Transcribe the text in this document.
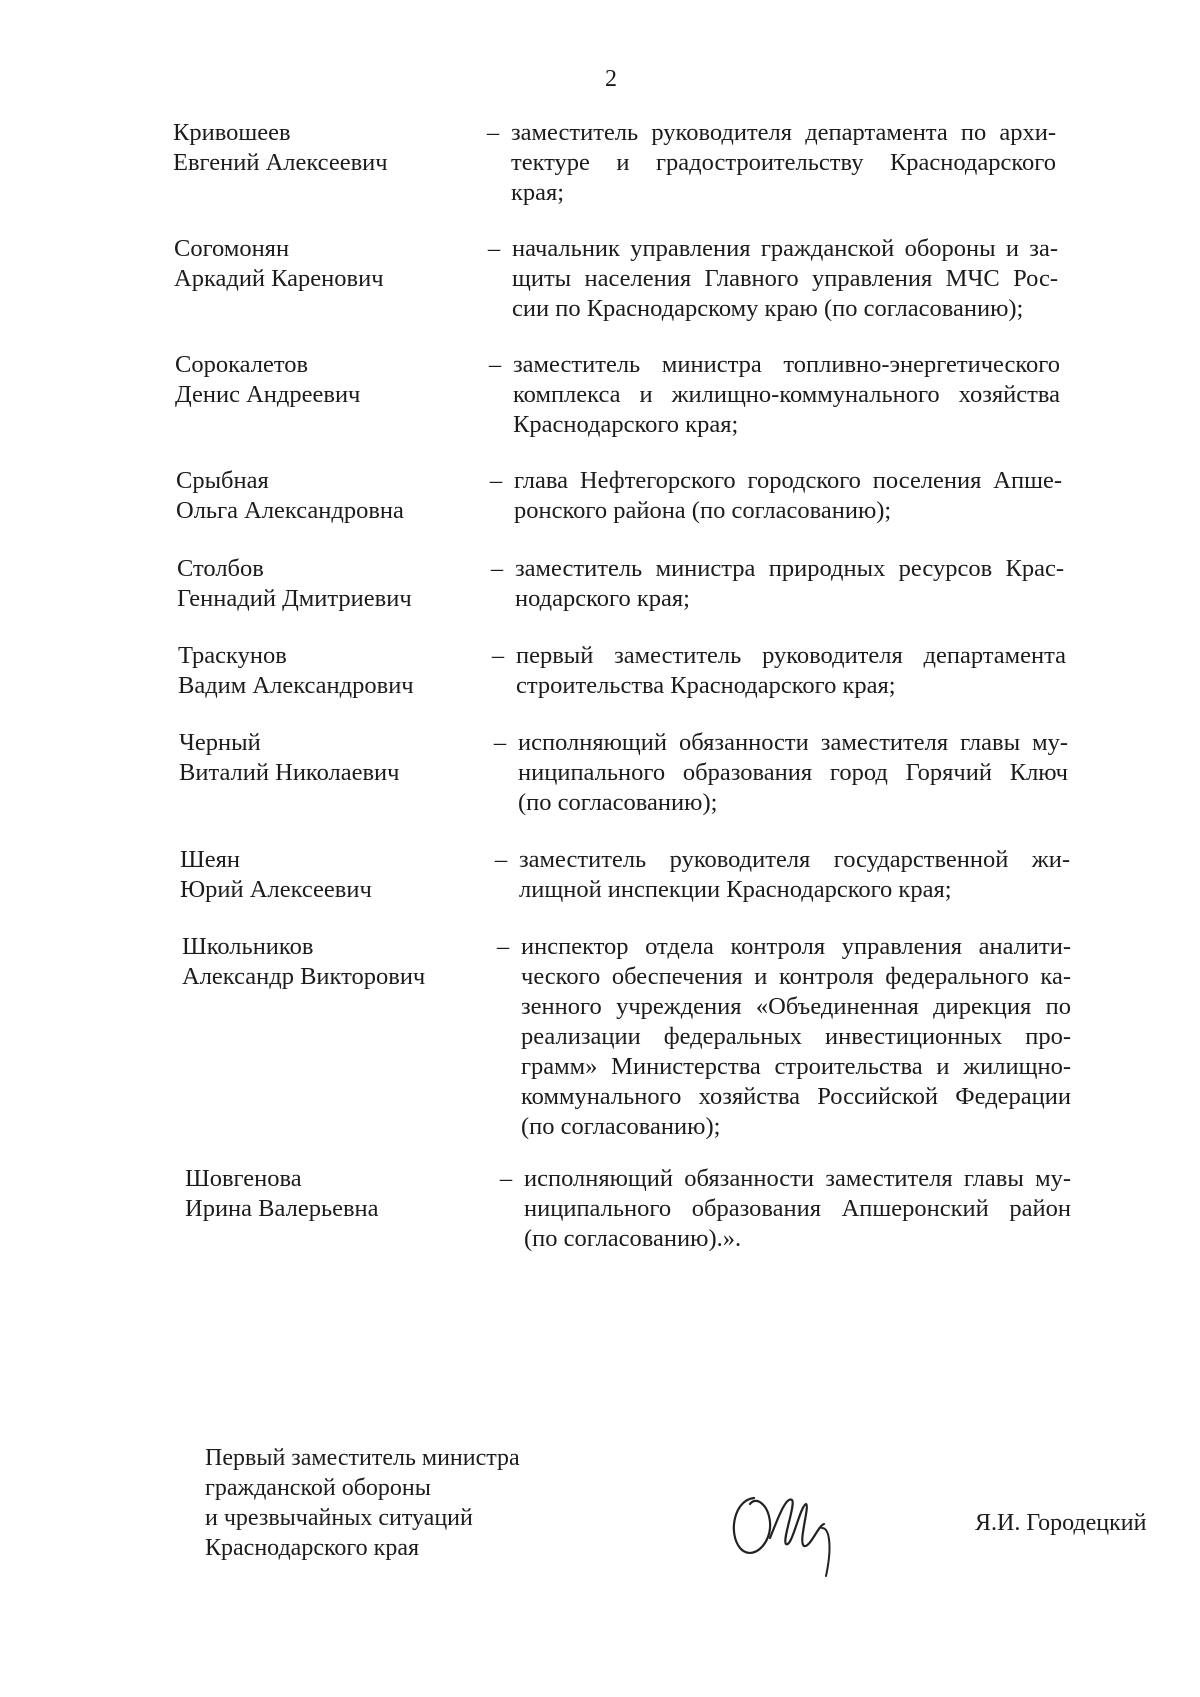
2
Кривошеев
Евгений Алексеевич
– заместитель руководителя департамента по архи-
тектуре и градостроительству Краснодарского
края;
Согомонян
Аркадий Каренович
– начальник управления гражданской обороны и за-
щиты населения Главного управления МЧС Рос-
сии по Краснодарскому краю (по согласованию);
Сорокалетов
Денис Андреевич
– заместитель министра топливно-энергетического
комплекса и жилищно-коммунального хозяйства
Краснодарского края;
Срыбная
Ольга Александровна
– глава Нефтегорского городского поселения Апше-
ронского района (по согласованию);
Столбов
Геннадий Дмитриевич
– заместитель министра природных ресурсов Крас-
нодарского края;
Траскунов
Вадим Александрович
– первый заместитель руководителя департамента
строительства Краснодарского края;
Черный
Виталий Николаевич
– исполняющий обязанности заместителя главы му-
ниципального образования город Горячий Ключ
(по согласованию);
Шеян
Юрий Алексеевич
– заместитель руководителя государственной жи-
лищной инспекции Краснодарского края;
Школьников
Александр Викторович
– инспектор отдела контроля управления аналити-
ческого обеспечения и контроля федерального ка-
зенного учреждения «Объединенная дирекция по
реализации федеральных инвестиционных про-
грамм» Министерства строительства и жилищно-
коммунального хозяйства Российской Федерации
(по согласованию);
Шовгенова
Ирина Валерьевна
– исполняющий обязанности заместителя главы му-
ниципального образования Апшеронский район
(по согласованию).».
Первый заместитель министра
гражданской обороны
и чрезвычайных ситуаций
Краснодарского края
Я.И. Городецкий
